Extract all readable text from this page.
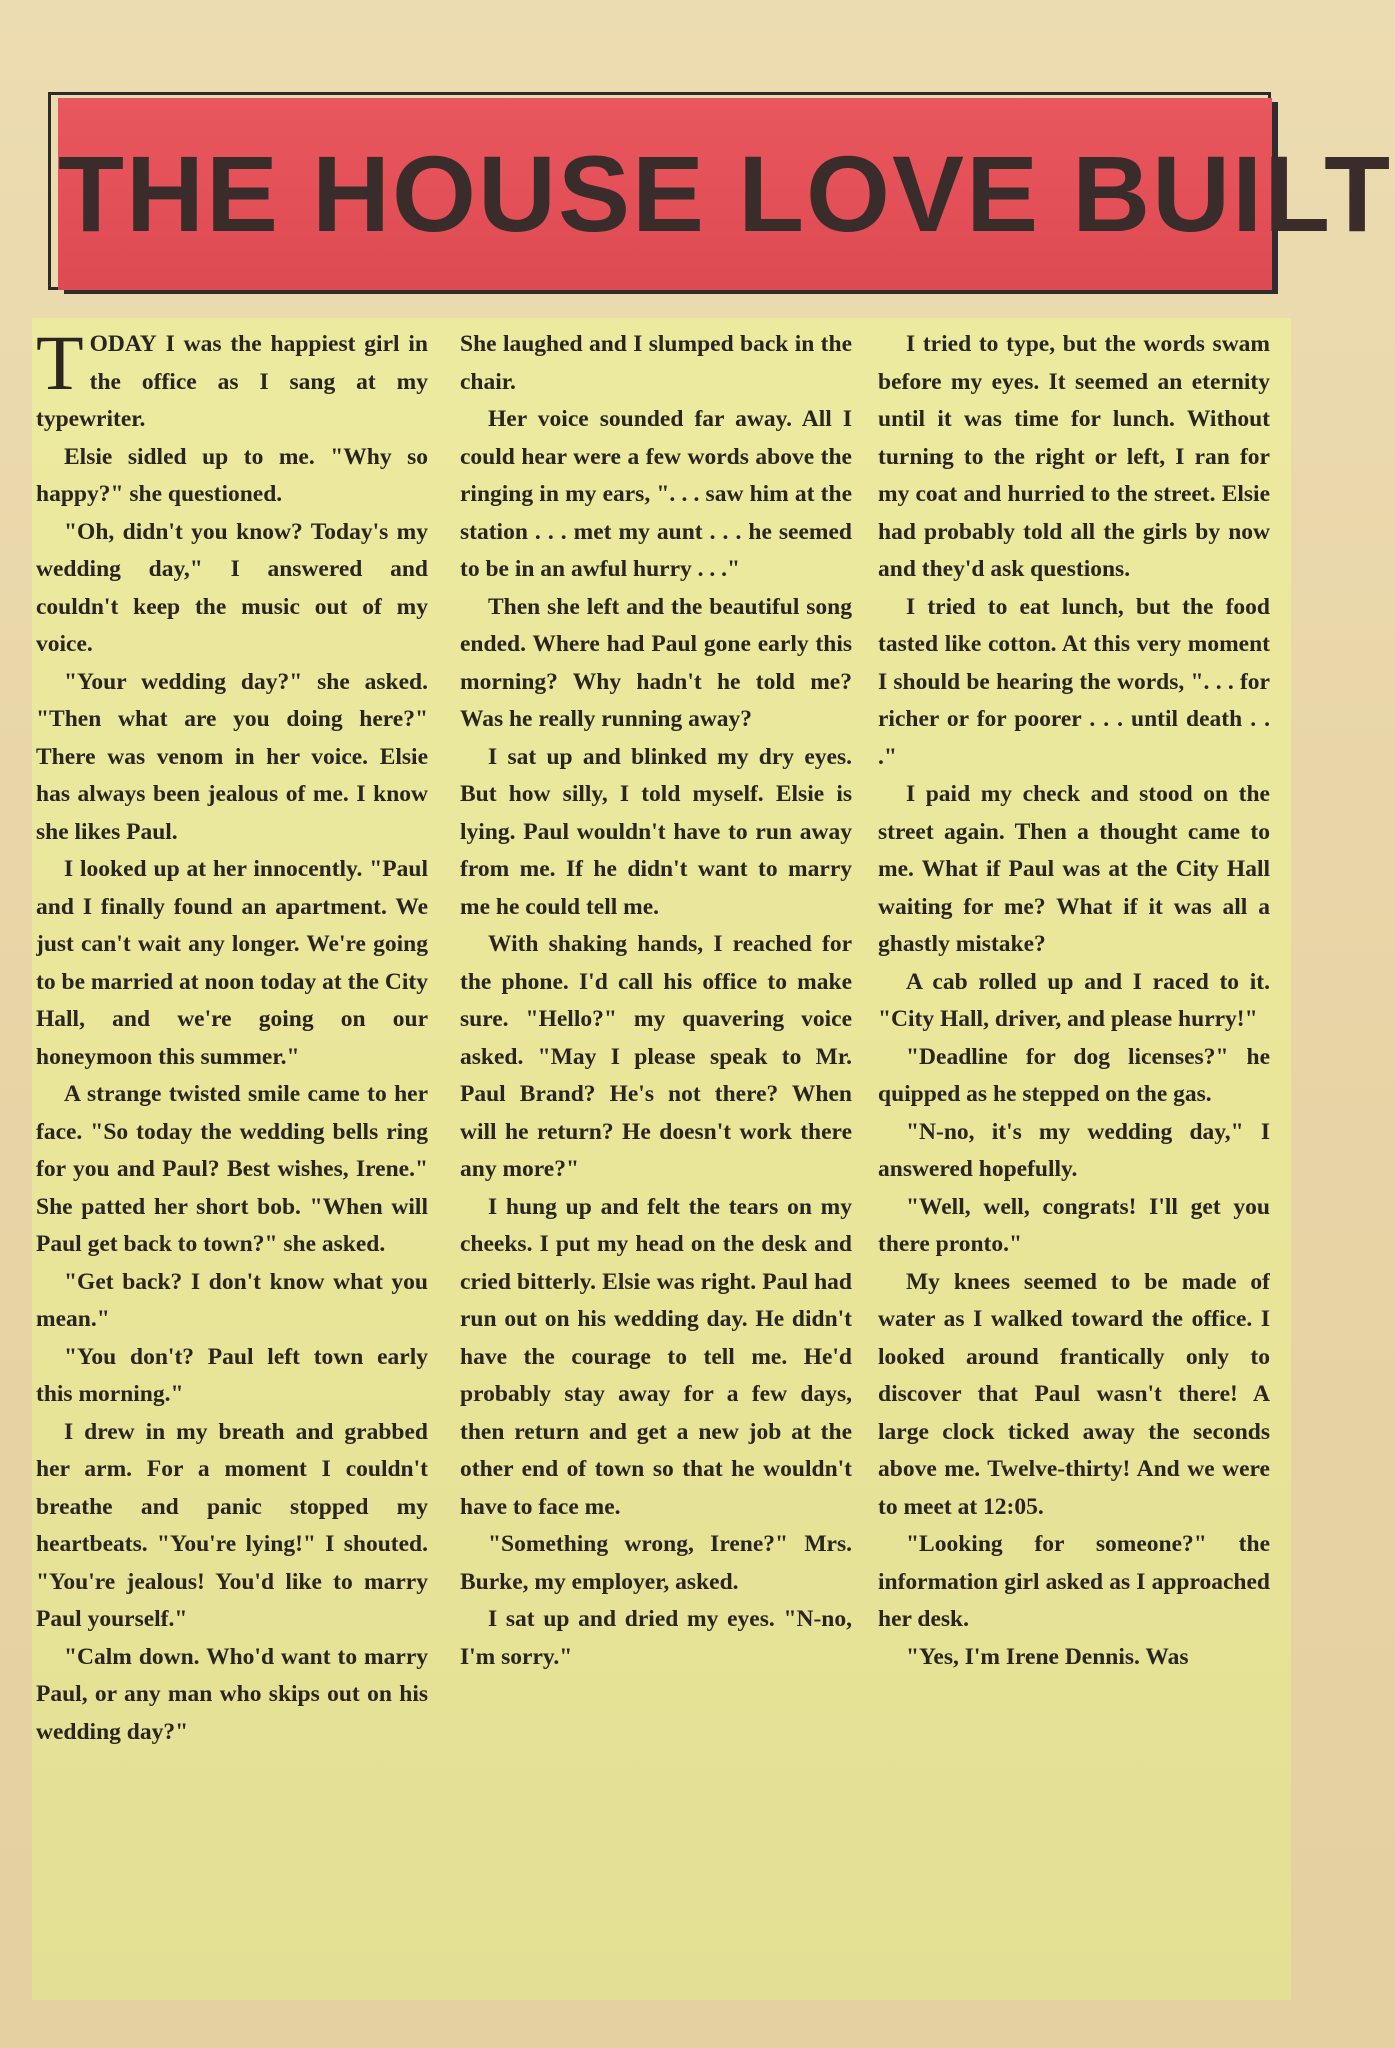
THE HOUSE LOVE BUILT

TODAY I was the happiest girl in the office as I sang at my typewriter.

Elsie sidled up to me. "Why so happy?" she questioned.

"Oh, didn't you know? Today's my wedding day," I answered and couldn't keep the music out of my voice.

"Your wedding day?" she asked. "Then what are you doing here?" There was venom in her voice. Elsie has always been jealous of me. I know she likes Paul.

I looked up at her innocently. "Paul and I finally found an apartment. We just can't wait any longer. We're going to be married at noon today at the City Hall, and we're going on our honeymoon this summer."

A strange twisted smile came to her face. "So today the wedding bells ring for you and Paul? Best wishes, Irene." She patted her short bob. "When will Paul get back to town?" she asked.

"Get back? I don't know what you mean."

"You don't? Paul left town early this morning."

I drew in my breath and grabbed her arm. For a moment I couldn't breathe and panic stopped my heartbeats. "You're lying!" I shouted. "You're jealous! You'd like to marry Paul yourself."

"Calm down. Who'd want to marry Paul, or any man who skips out on his wedding day?"

She laughed and I slumped back in the chair.

Her voice sounded far away. All I could hear were a few words above the ringing in my ears, ". . . saw him at the station . . . met my aunt . . . he seemed to be in an awful hurry . . ."

Then she left and the beautiful song ended. Where had Paul gone early this morning? Why hadn't he told me? Was he really running away?

I sat up and blinked my dry eyes. But how silly, I told myself. Elsie is lying. Paul wouldn't have to run away from me. If he didn't want to marry me he could tell me.

With shaking hands, I reached for the phone. I'd call his office to make sure. "Hello?" my quavering voice asked. "May I please speak to Mr. Paul Brand? He's not there? When will he return? He doesn't work there any more?"

I hung up and felt the tears on my cheeks. I put my head on the desk and cried bitterly. Elsie was right. Paul had run out on his wedding day. He didn't have the courage to tell me. He'd probably stay away for a few days, then return and get a new job at the other end of town so that he wouldn't have to face me.

"Something wrong, Irene?" Mrs. Burke, my employer, asked.

I sat up and dried my eyes. "N-no, I'm sorry."

I tried to type, but the words swam before my eyes. It seemed an eternity until it was time for lunch. Without turning to the right or left, I ran for my coat and hurried to the street. Elsie had probably told all the girls by now and they'd ask questions.

I tried to eat lunch, but the food tasted like cotton. At this very moment I should be hearing the words, ". . . for richer or for poorer . . . until death . . ."

I paid my check and stood on the street again. Then a thought came to me. What if Paul was at the City Hall waiting for me? What if it was all a ghastly mistake?

A cab rolled up and I raced to it. "City Hall, driver, and please hurry!"

"Deadline for dog licenses?" he quipped as he stepped on the gas.

"N-no, it's my wedding day," I answered hopefully.

"Well, well, congrats! I'll get you there pronto."

My knees seemed to be made of water as I walked toward the office. I looked around frantically only to discover that Paul wasn't there! A large clock ticked away the seconds above me. Twelve-thirty! And we were to meet at 12:05.

"Looking for someone?" the information girl asked as I approached her desk.

"Yes, I'm Irene Dennis. Was
